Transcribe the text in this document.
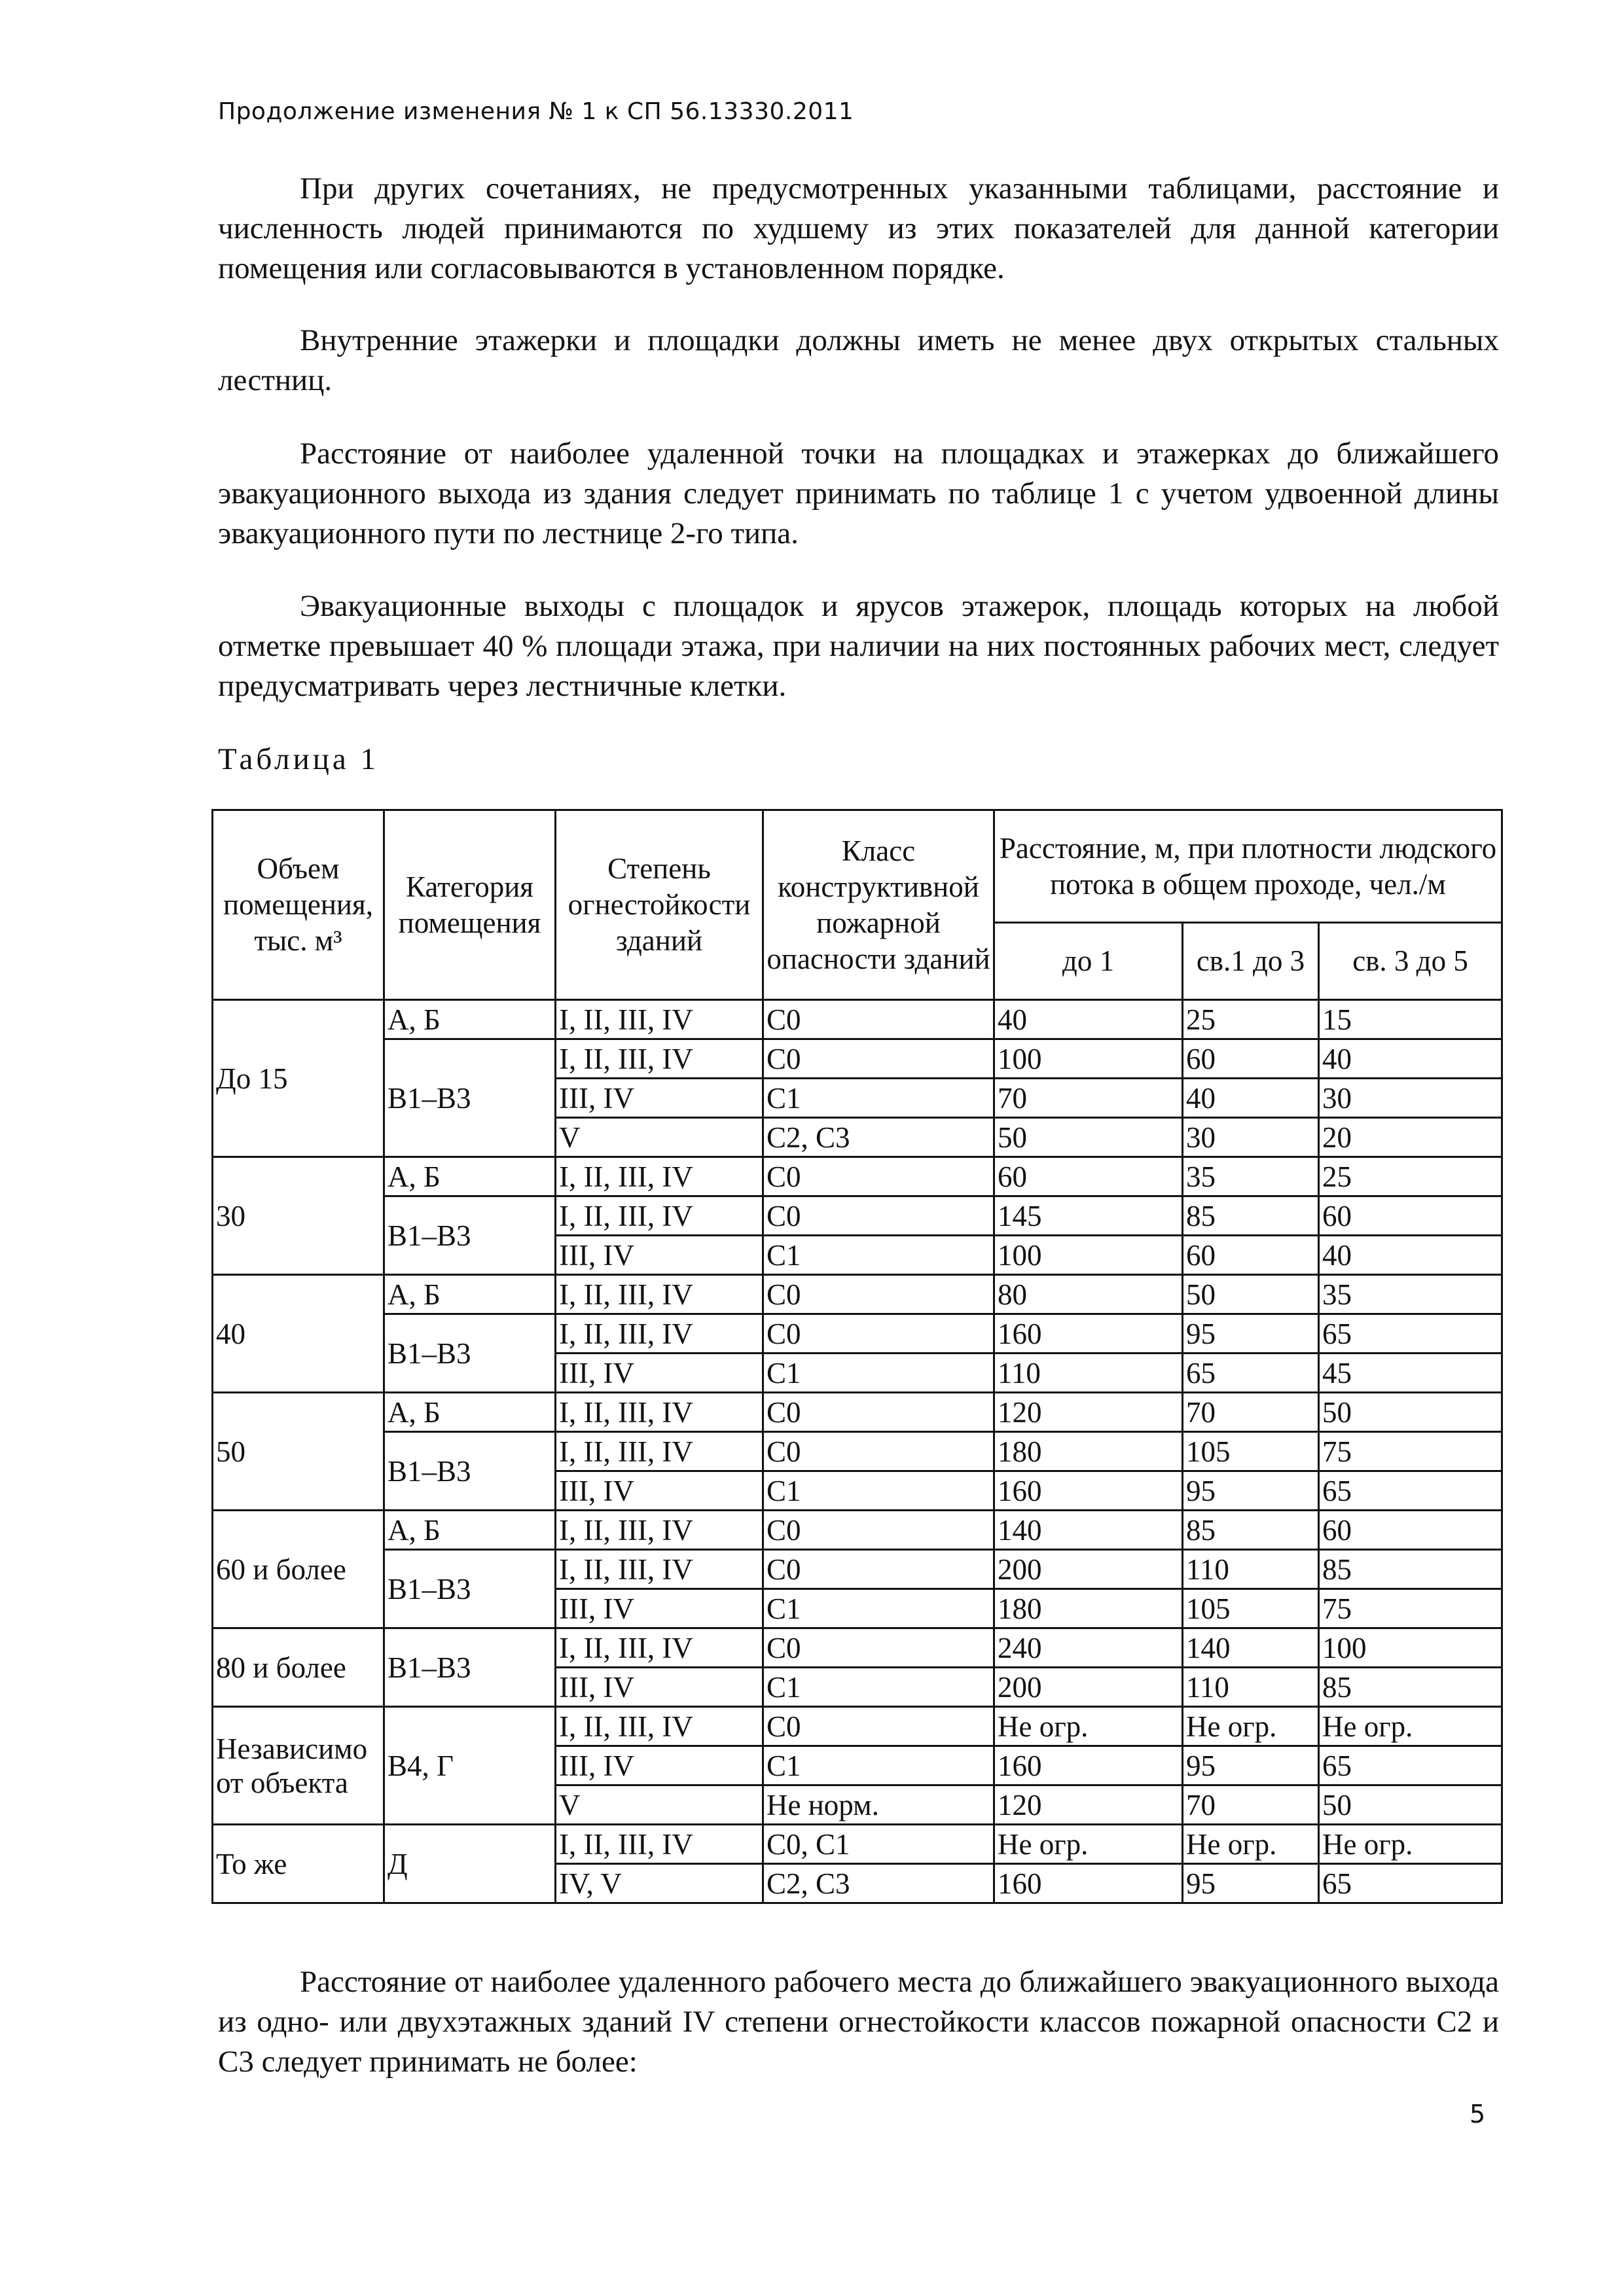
Продолжение изменения № 1 к СП 56.13330.2011
При других сочетаниях, не предусмотренных указанными таблицами, расстояние и численность людей принимаются по худшему из этих показателей для данной категории помещения или согласовываются в установленном порядке.
Внутренние этажерки и площадки должны иметь не менее двух открытых стальных лестниц.
Расстояние от наиболее удаленной точки на площадках и этажерках до ближайшего эвакуационного выхода из здания следует принимать по таблице 1 с учетом удвоенной длины эвакуационного пути по лестнице 2-го типа.
Эвакуационные выходы с площадок и ярусов этажерок, площадь которых на любой отметке превышает 40 % площади этажа, при наличии на них постоянных рабочих мест, следует предусматривать через лестничные клетки.
Таблица 1
Объем помещения, тыс. м³	Категория помещения	Степень огнестойкости зданий	Класс конструктивной пожарной опасности зданий	Расстояние, м, при плотности людского потока в общем проходе, чел./м		
				до 1	св.1 до 3	св. 3 до 5
До 15	А, Б	I, II, III, IV	С0	40	25	15
	В1–В3	I, II, III, IV	С0	100	60	40
		III, IV	С1	70	40	30
		V	С2, С3	50	30	20
30	А, Б	I, II, III, IV	С0	60	35	25
	В1–В3	I, II, III, IV	С0	145	85	60
		III, IV	С1	100	60	40
40	А, Б	I, II, III, IV	С0	80	50	35
	В1–В3	I, II, III, IV	С0	160	95	65
		III, IV	С1	110	65	45
50	А, Б	I, II, III, IV	С0	120	70	50
	В1–В3	I, II, III, IV	С0	180	105	75
		III, IV	С1	160	95	65
60 и более	А, Б	I, II, III, IV	С0	140	85	60
	В1–В3	I, II, III, IV	С0	200	110	85
		III, IV	С1	180	105	75
80 и более	В1–В3	I, II, III, IV	С0	240	140	100
		III, IV	С1	200	110	85
Независимо от объекта	В4, Г	I, II, III, IV	С0	Не огр.	Не огр.	Не огр.
		III, IV	С1	160	95	65
		V	Не норм.	120	70	50
То же	Д	I, II, III, IV	С0, С1	Не огр.	Не огр.	Не огр.
		IV, V	С2, С3	160	95	65
Расстояние от наиболее удаленного рабочего места до ближайшего эвакуационного выхода из одно- или двухэтажных зданий IV степени огнестойкости классов пожарной опасности С2 и С3 следует принимать не более:
5
